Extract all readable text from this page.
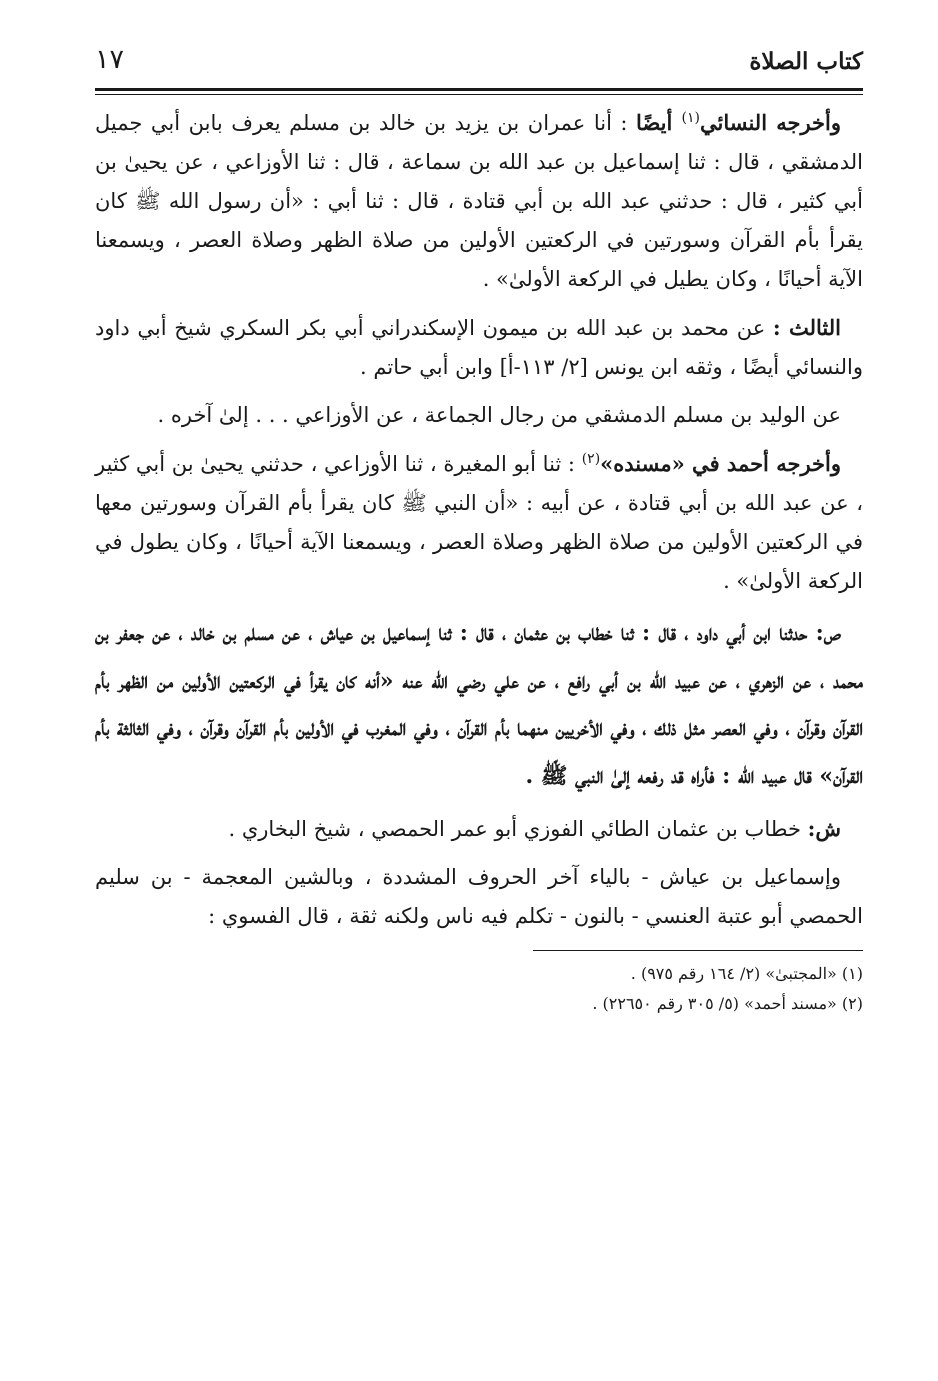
كتاب الصلاة
١٧

وأخرجه النسائي$^{(١)}$ أيضًا : أنا عمران بن يزيد بن خالد بن مسلم يعرف بابن أبي جميل الدمشقي ، قال : ثنا إسماعيل بن عبد الله بن سماعة ، قال : ثنا الأوزاعي ، عن يحيىٰ بن أبي كثير ، قال : حدثني عبد الله بن أبي قتادة ، قال : ثنا أبي : «أن رسول الله ﷺ كان يقرأ بأم القرآن وسورتين في الركعتين الأولين من صلاة الظهر وصلاة العصر ، ويسمعنا الآية أحيانًا ، وكان يطيل في الركعة الأولىٰ» .

الثالث : عن محمد بن عبد الله بن ميمون الإسكندراني أبي بكر السكري شيخ أبي داود والنسائي أيضًا ، وثقه ابن يونس [٢/ ١١٣-أ] وابن أبي حاتم .

عن الوليد بن مسلم الدمشقي من رجال الجماعة ، عن الأوزاعي . . . إلىٰ آخره .

وأخرجه أحمد في «مسنده»$^{(٢)}$ : ثنا أبو المغيرة ، ثنا الأوزاعي ، حدثني يحيىٰ بن أبي كثير ، عن عبد الله بن أبي قتادة ، عن أبيه : «أن النبي ﷺ كان يقرأ بأم القرآن وسورتين معها في الركعتين الأولين من صلاة الظهر وصلاة العصر ، ويسمعنا الآية أحيانًا ، وكان يطول في الركعة الأولىٰ» .

ص: حدثنا ابن أبي داود ، قال : ثنا خطاب بن عثمان ، قال : ثنا إسماعيل بن عياش ، عن مسلم بن خالد ، عن جعفر بن محمد ، عن الزهري ، عن عبيد الله بن أبي رافع ، عن علي رضي الله عنه «أنه كان يقرأ في الركعتين الأولين من الظهر بأم القرآن وقرآن ، وفي العصر مثل ذلك ، وفي الأخريين منهما بأم القرآن ، وفي المغرب في الأولين بأم القرآن وقرآن ، وفي الثالثة بأم القرآن» قال عبيد الله : فأراه قد رفعه إلىٰ النبي ﷺ .

ش: خطاب بن عثمان الطائي الفوزي أبو عمر الحمصي ، شيخ البخاري .

وإسماعيل بن عياش - بالياء آخر الحروف المشددة ، وبالشين المعجمة - بن سليم الحمصي أبو عتبة العنسي - بالنون - تكلم فيه ناس ولكنه ثقة ، قال الفسوي :

(١) «المجتبىٰ» (٢/ ١٦٤ رقم ٩٧٥) .
(٢) «مسند أحمد» (٥/ ٣٠٥ رقم ٢٢٦٥٠) .
